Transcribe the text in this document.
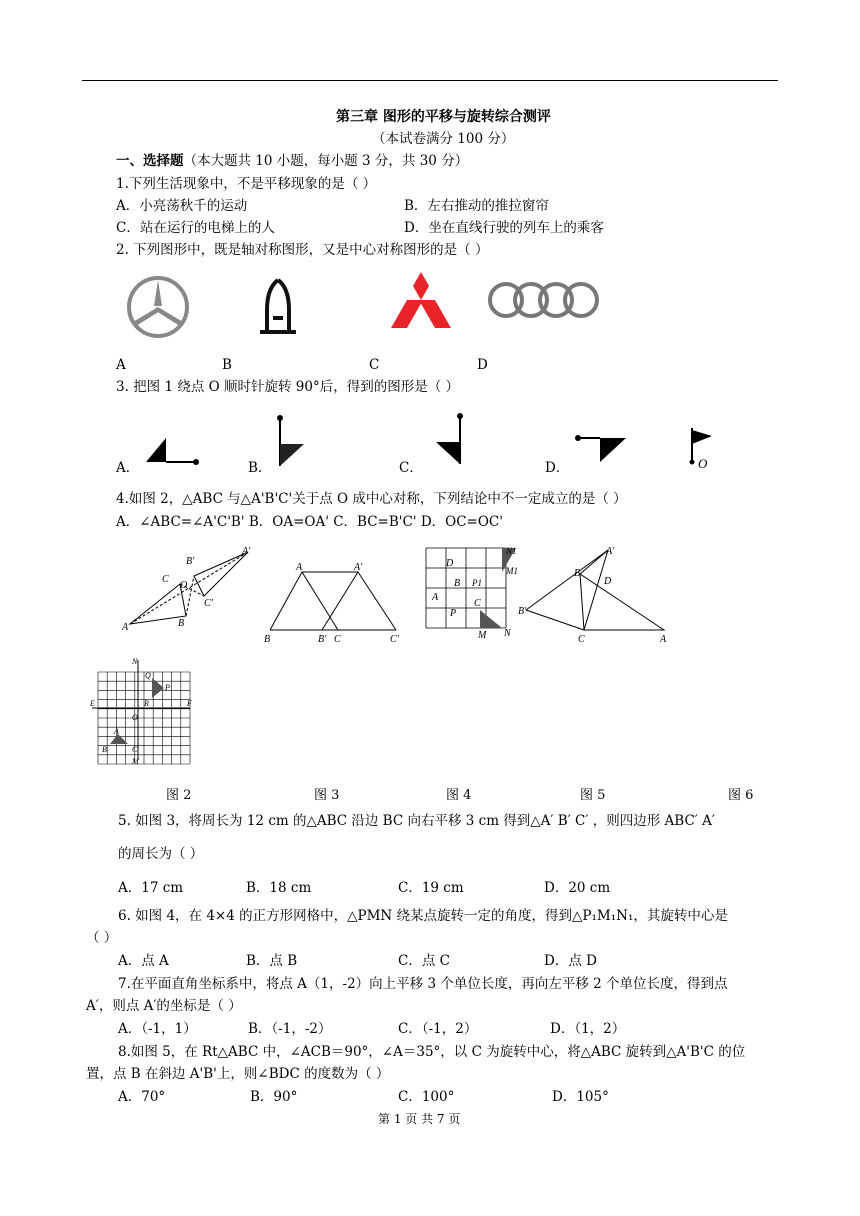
第三章 图形的平移与旋转综合测评
（本试卷满分 100 分）
一、选择题（本大题共 10 小题，每小题 3 分，共 30 分）
1.下列生活现象中，不是平移现象的是（ ）
A．小亮荡秋千的运动	B．左右推动的推拉窗帘
C．站在运行的电梯上的人	D．坐在直线行驶的列车上的乘客
2. 下列图形中，既是轴对称图形，又是中心对称图形的是（ ）
A	B	C	D
3. 把图 1 绕点 O 顺时针旋转 90°后，得到的图形是（ ）
A．	B．	C．	D．	O
4.如图 2，△ABC 与△A'B'C'关于点 O 成中心对称，下列结论中不一定成立的是（ ）
A．∠ABC=∠A'C'B' B．OA=OA' C．BC=B'C' D．OC=OC'
A	B
C
O
A'
B'
C'
A	A'
B	B' C	C'
D
B
A
P
C
M N
N1
M1
P1
A'
B
D
B'
C	A
N
Q
P
E	F
R
O
A
B	C
M
图 2	图 3	图 4	图 5	图 6
5. 如图 3，将周长为 12 cm 的△ABC 沿边 BC 向右平移 3 cm 得到△A′ B′ C′ ，则四边形 ABC′ A′
的周长为（ ）
A．17 cm	B．18 cm	C．19 cm	D．20 cm
6. 如图 4，在 4×4 的正方形网格中，△PMN 绕某点旋转一定的角度，得到△P₁M₁N₁，其旋转中心是
（ ）
A．点 A	B．点 B	C．点 C	D．点 D
7.在平面直角坐标系中，将点 A（1，-2）向上平移 3 个单位长度，再向左平移 2 个单位长度，得到点
A′，则点 A′的坐标是（ ）
A．（-1，1）	B．（-1，-2）	C．（-1，2）	D．（1，2）
8.如图 5，在 Rt△ABC 中，∠ACB＝90°，∠A＝35°，以 C 为旋转中心，将△ABC 旋转到△A'B'C 的位
置，点 B 在斜边 A'B'上，则∠BDC 的度数为（ ）
A．70°	B．90°	C．100°	D．105°
第 1 页 共 7 页
